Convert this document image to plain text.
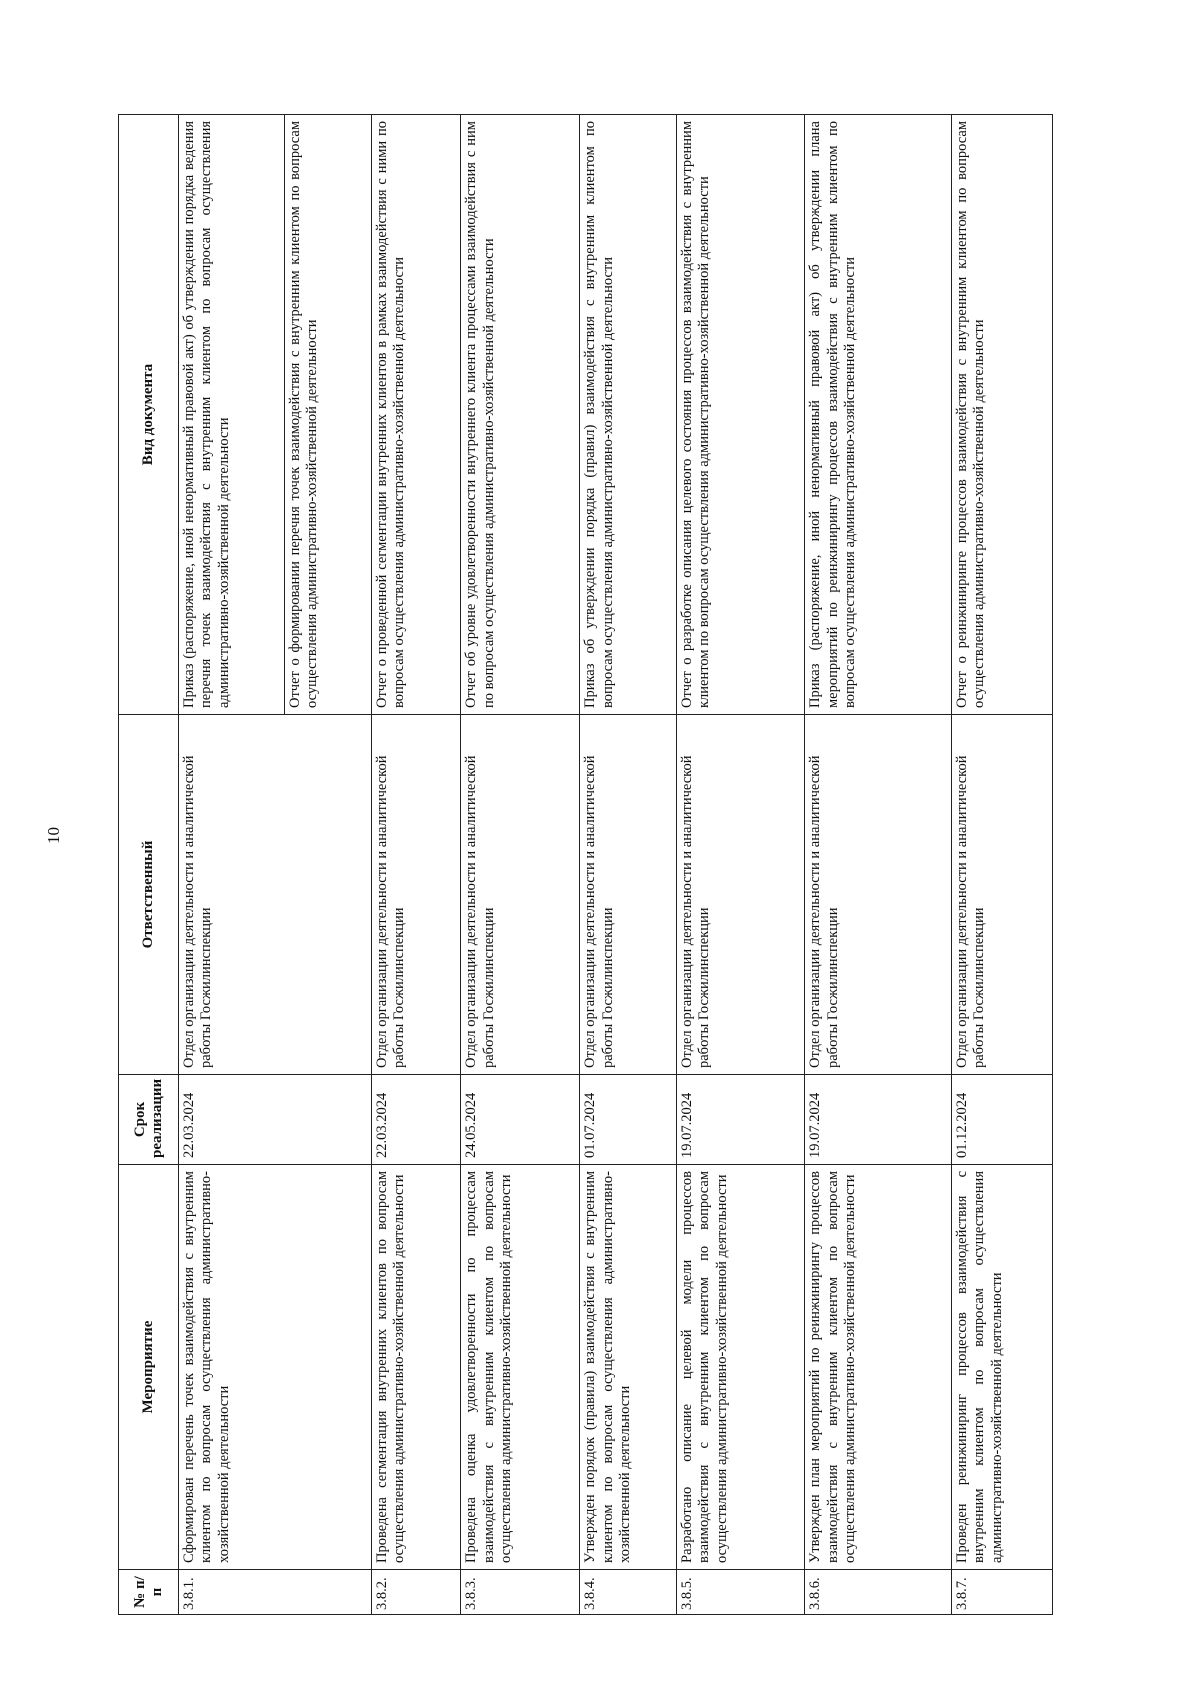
10
№ п/п	Мероприятие	Срок реализации	Ответственный	Вид документа
3.8.1.	Сформирован перечень точек взаимодействия с внутренним клиентом по вопросам осуществления административно-хозяйственной деятельности	22.03.2024	Отдел организации деятельности и аналитической работы Госжилинспекции	Приказ (распоряжение, иной ненормативный правовой акт) об утверждении порядка ведения перечня точек взаимодействия с внутренним клиентом по вопросам осуществления административно-хозяйственной деятельности
				Отчет о формировании перечня точек взаимодействия с внутренним клиентом по вопросам осуществления административно-хозяйственной деятельности
3.8.2.	Проведена сегментация внутренних клиентов по вопросам осуществления административно-хозяйственной деятельности	22.03.2024	Отдел организации деятельности и аналитической работы Госжилинспекции	Отчет о проведенной сегментации внутренних клиентов в рамках взаимодействия с ними по вопросам осуществления административно-хозяйственной деятельности
3.8.3.	Проведена оценка удовлетворенности по процессам взаимодействия с внутренним клиентом по вопросам осуществления административно-хозяйственной деятельности	24.05.2024	Отдел организации деятельности и аналитической работы Госжилинспекции	Отчет об уровне удовлетворенности внутреннего клиента процессами взаимодействия с ним по вопросам осуществления административно-хозяйственной деятельности
3.8.4.	Утвержден порядок (правила) взаимодействия с внутренним клиентом по вопросам осуществления административно-хозяйственной деятельности	01.07.2024	Отдел организации деятельности и аналитической работы Госжилинспекции	Приказ об утверждении порядка (правил) взаимодействия с внутренним клиентом по вопросам осуществления административно-хозяйственной деятельности
3.8.5.	Разработано описание целевой модели процессов взаимодействия с внутренним клиентом по вопросам осуществления административно-хозяйственной деятельности	19.07.2024	Отдел организации деятельности и аналитической работы Госжилинспекции	Отчет о разработке описания целевого состояния процессов взаимодействия с внутренним клиентом по вопросам осуществления административно-хозяйственной деятельности
3.8.6.	Утвержден план мероприятий по реинжинирингу процессов взаимодействия с внутренним клиентом по вопросам осуществления административно-хозяйственной деятельности	19.07.2024	Отдел организации деятельности и аналитической работы Госжилинспекции	Приказ (распоряжение, иной ненормативный правовой акт) об утверждении плана мероприятий по реинжинирингу процессов взаимодействия с внутренним клиентом по вопросам осуществления административно-хозяйственной деятельности
3.8.7.	Проведен реинжиниринг процессов взаимодействия с внутренним клиентом по вопросам осуществления административно-хозяйственной деятельности	01.12.2024	Отдел организации деятельности и аналитической работы Госжилинспекции	Отчет о реинжиниринге процессов взаимодействия с внутренним клиентом по вопросам осуществления административно-хозяйственной деятельности
